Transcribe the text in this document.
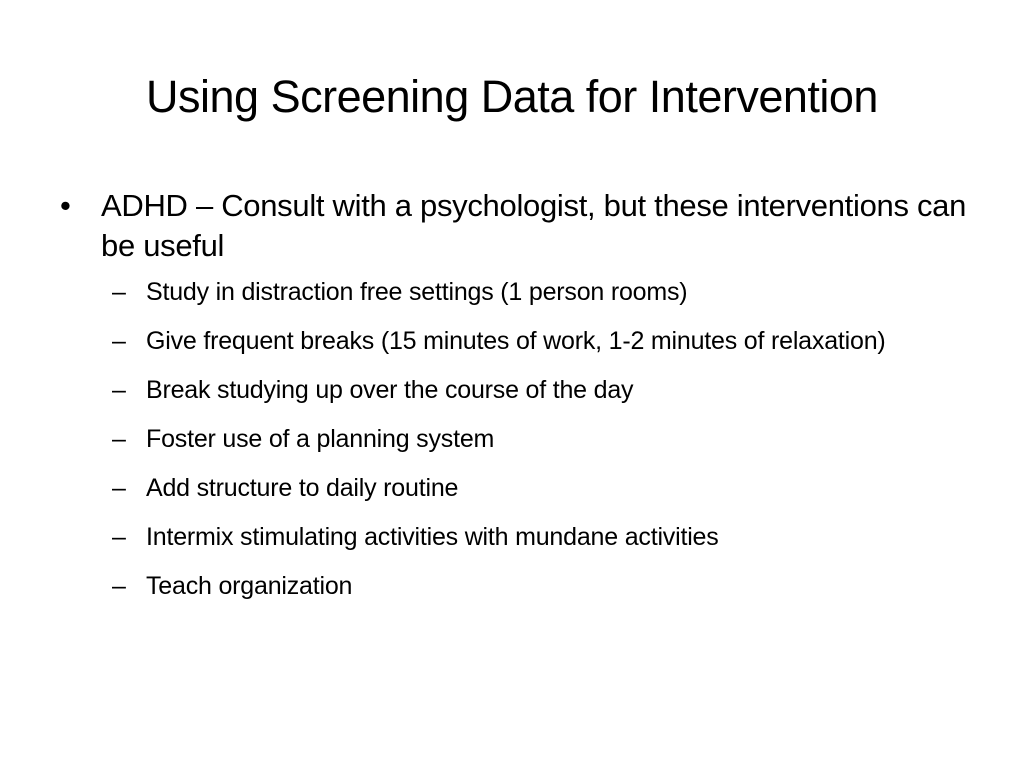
Using Screening Data for Intervention
• ADHD – Consult with a psychologist, but these interventions can be useful
– Study in distraction free settings (1 person rooms)
– Give frequent breaks (15 minutes of work, 1-2 minutes of relaxation)
– Break studying up over the course of the day
– Foster use of a planning system
– Add structure to daily routine
– Intermix stimulating activities with mundane activities
– Teach organization
